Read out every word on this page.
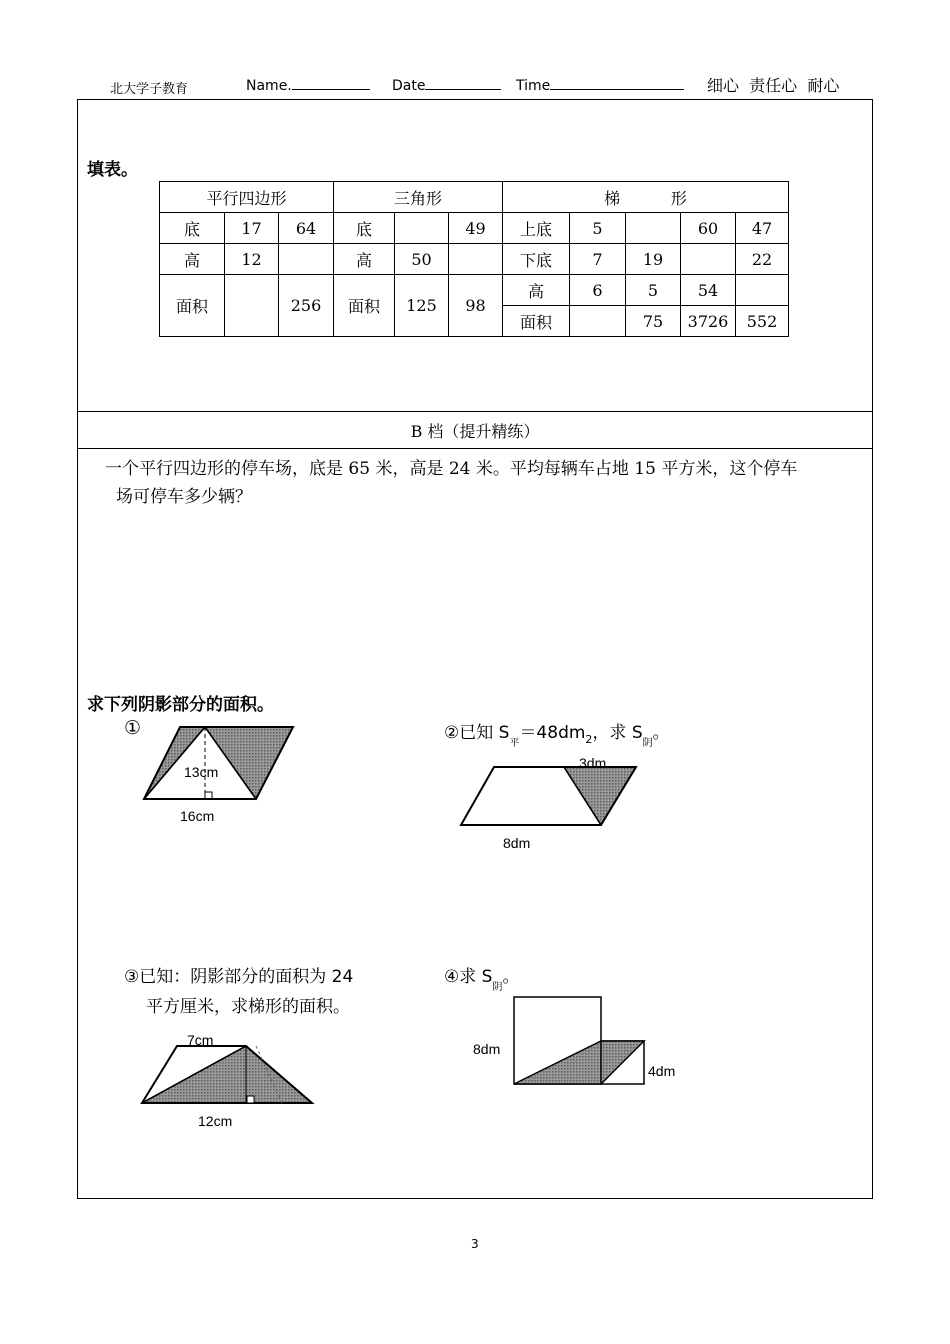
北大学子教育	Name.	Date	Time	细心  责任心  耐心
填表。
平行四边形			三角形			梯          形				
底	17	64	底		49	上底	5		60	47
高	12		高	50		下底	7	19		22
面积		256	面积	125	98	高	6	5	54	
						面积		75	3726	552
B 档（提升精练）
一个平行四边形的停车场，底是 65 米，高是 24 米。平均每辆车占地 15 平方米，这个停车
场可停车多少辆？
求下列阴影部分的面积。
①	②已知 $S_平=48dm_2$，求 $S_阴$。
③已知：阴影部分的面积为 24
平方厘米，求梯形的面积。
④求 $S_阴$。
13cm
16cm
3dm
8dm
7cm
12cm
8dm
4dm
3
